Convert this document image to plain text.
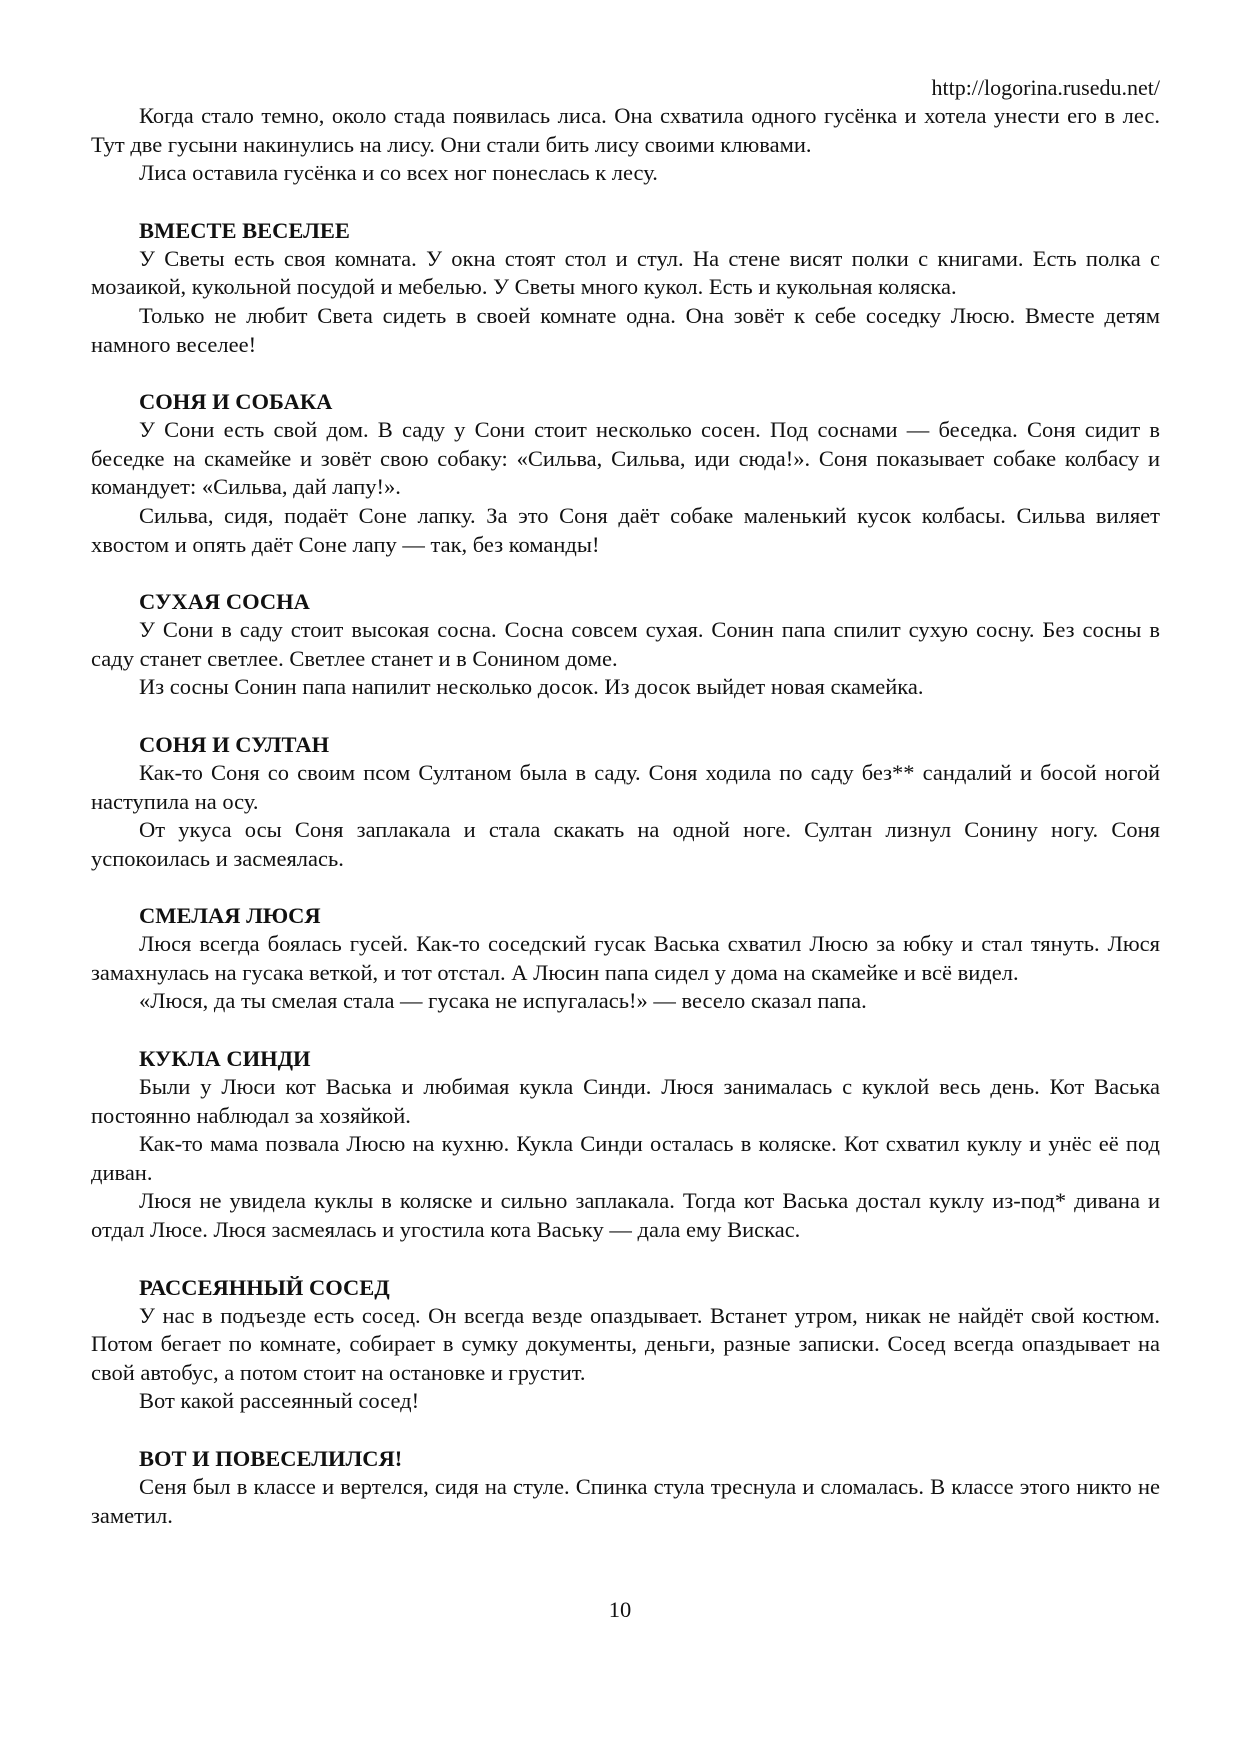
http://logorina.rusedu.net/

Когда стало темно, около стада появилась лиса. Она схватила одного гусёнка и хотела унести его в лес. Тут две гусыни накинулись на лису. Они стали бить лису своими клювами.

Лиса оставила гусёнка и со всех ног понеслась к лесу.

ВМЕСТЕ ВЕСЕЛЕЕ

У Светы есть своя комната. У окна стоят стол и стул. На стене висят полки с книгами. Есть полка с мозаикой, кукольной посудой и мебелью. У Светы много кукол. Есть и кукольная коляска.

Только не любит Света сидеть в своей комнате одна. Она зовёт к себе соседку Люсю. Вместе детям намного веселее!

СОНЯ И СОБАКА

У Сони есть свой дом. В саду у Сони стоит несколько сосен. Под соснами — беседка. Соня сидит в беседке на скамейке и зовёт свою собаку: «Сильва, Сильва, иди сюда!». Соня показывает собаке колбасу и командует: «Сильва, дай лапу!».

Сильва, сидя, подаёт Соне лапку. За это Соня даёт собаке маленький кусок колбасы. Сильва виляет хвостом и опять даёт Соне лапу — так, без команды!

СУХАЯ СОСНА

У Сони в саду стоит высокая сосна. Сосна совсем сухая. Сонин папа спилит сухую сосну. Без сосны в саду станет светлее. Светлее станет и в Сонином доме.

Из сосны Сонин папа напилит несколько досок. Из досок выйдет новая скамейка.

СОНЯ И СУЛТАН

Как-то Соня со своим псом Султаном была в саду. Соня ходила по саду без** сандалий и босой ногой наступила на осу.

От укуса осы Соня заплакала и стала скакать на одной ноге. Султан лизнул Сонину ногу. Соня успокоилась и засмеялась.

СМЕЛАЯ ЛЮСЯ

Люся всегда боялась гусей. Как-то соседский гусак Васька схватил Люсю за юбку и стал тянуть. Люся замахнулась на гусака веткой, и тот отстал. А Люсин папа сидел у дома на скамейке и всё видел.

«Люся, да ты смелая стала — гусака не испугалась!» — весело сказал папа.

КУКЛА СИНДИ

Были у Люси кот Васька и любимая кукла Синди. Люся занималась с куклой весь день. Кот Васька постоянно наблюдал за хозяйкой.

Как-то мама позвала Люсю на кухню. Кукла Синди осталась в коляске. Кот схватил куклу и унёс её под диван.

Люся не увидела куклы в коляске и сильно заплакала. Тогда кот Васька достал куклу из-под* дивана и отдал Люсе. Люся засмеялась и угостила кота Ваську — дала ему Вискас.

РАССЕЯННЫЙ СОСЕД

У нас в подъезде есть сосед. Он всегда везде опаздывает. Встанет утром, никак не найдёт свой костюм. Потом бегает по комнате, собирает в сумку документы, деньги, разные записки. Сосед всегда опаздывает на свой автобус, а потом стоит на остановке и грустит.

Вот какой рассеянный сосед!

ВОТ И ПОВЕСЕЛИЛСЯ!

Сеня был в классе и вертелся, сидя на стуле. Спинка стула треснула и сломалась. В классе этого никто не заметил.

10
